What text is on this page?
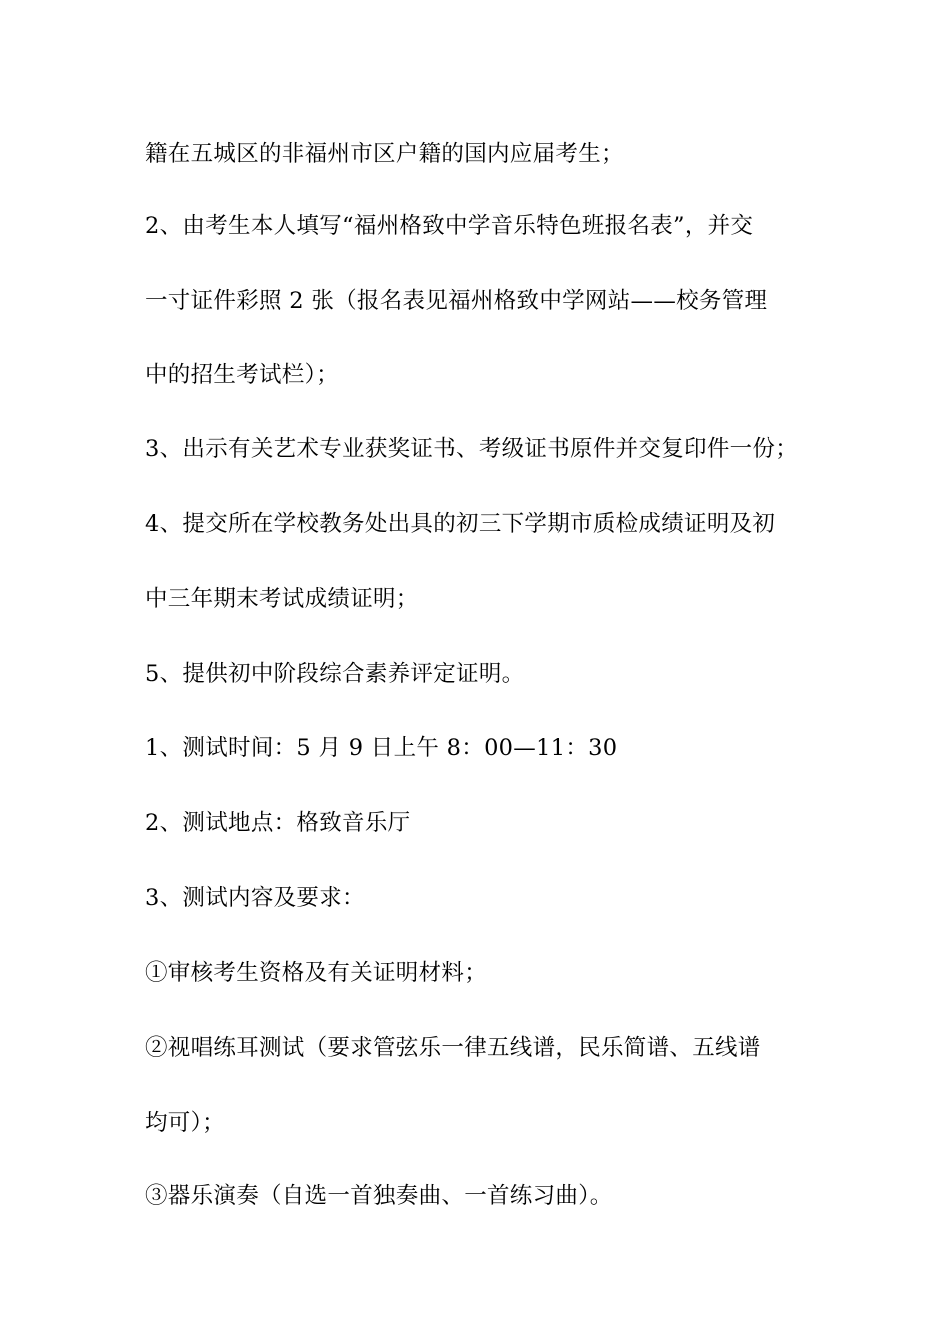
籍在五城区的非福州市区户籍的国内应届考生；
2、由考生本人填写“福州格致中学音乐特色班报名表”，并交
一寸证件彩照 2 张（报名表见福州格致中学网站——校务管理
中的招生考试栏）；
3、出示有关艺术专业获奖证书、考级证书原件并交复印件一份；
4、提交所在学校教务处出具的初三下学期市质检成绩证明及初
中三年期末考试成绩证明；
5、提供初中阶段综合素养评定证明。
1、测试时间：5 月 9 日上午 8：00—11：30
2、测试地点：格致音乐厅
3、测试内容及要求：
①审核考生资格及有关证明材料；
②视唱练耳测试（要求管弦乐一律五线谱，民乐简谱、五线谱
均可）；
③器乐演奏（自选一首独奏曲、一首练习曲）。
